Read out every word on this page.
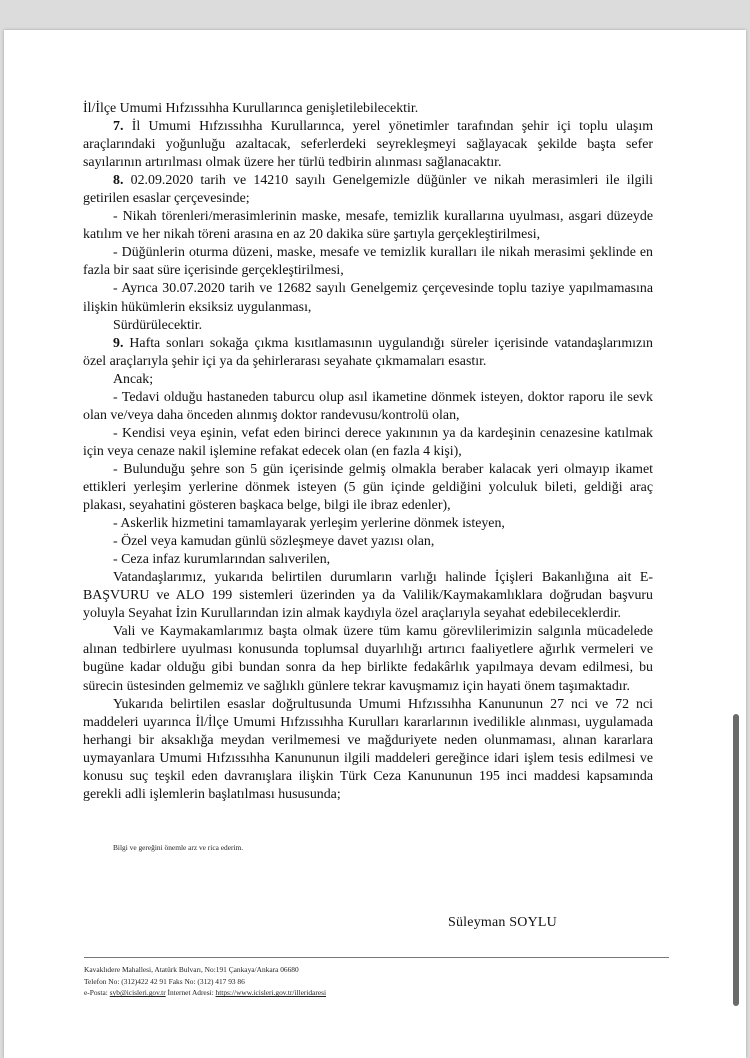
İl/İlçe Umumi Hıfzıssıhha Kurullarınca genişletilebilecektir.

7. İl Umumi Hıfzıssıhha Kurullarınca, yerel yönetimler tarafından şehir içi toplu ulaşım araçlarındaki yoğunluğu azaltacak, seferlerdeki seyrekleşmeyi sağlayacak şekilde başta sefer sayılarının artırılması olmak üzere her türlü tedbirin alınması sağlanacaktır.

8. 02.09.2020 tarih ve 14210 sayılı Genelgemizle düğünler ve nikah merasimleri ile ilgili getirilen esaslar çerçevesinde;

- Nikah törenleri/merasimlerinin maske, mesafe, temizlik kurallarına uyulması, asgari düzeyde katılım ve her nikah töreni arasına en az 20 dakika süre şartıyla gerçekleştirilmesi,

- Düğünlerin oturma düzeni, maske, mesafe ve temizlik kuralları ile nikah merasimi şeklinde en fazla bir saat süre içerisinde gerçekleştirilmesi,

- Ayrıca 30.07.2020 tarih ve 12682 sayılı Genelgemiz çerçevesinde toplu taziye yapılmamasına ilişkin hükümlerin eksiksiz uygulanması,

Sürdürülecektir.

9. Hafta sonları sokağa çıkma kısıtlamasının uygulandığı süreler içerisinde vatandaşlarımızın özel araçlarıyla şehir içi ya da şehirlerarası seyahate çıkmamaları esastır.

Ancak;

- Tedavi olduğu hastaneden taburcu olup asıl ikametine dönmek isteyen, doktor raporu ile sevk olan ve/veya daha önceden alınmış doktor randevusu/kontrolü olan,

- Kendisi veya eşinin, vefat eden birinci derece yakınının ya da kardeşinin cenazesine katılmak için veya cenaze nakil işlemine refakat edecek olan (en fazla 4 kişi),

- Bulunduğu şehre son 5 gün içerisinde gelmiş olmakla beraber kalacak yeri olmayıp ikamet ettikleri yerleşim yerlerine dönmek isteyen (5 gün içinde geldiğini yolculuk bileti, geldiği araç plakası, seyahatini gösteren başkaca belge, bilgi ile ibraz edenler),

- Askerlik hizmetini tamamlayarak yerleşim yerlerine dönmek isteyen,

- Özel veya kamudan günlü sözleşmeye davet yazısı olan,

- Ceza infaz kurumlarından salıverilen,

Vatandaşlarımız, yukarıda belirtilen durumların varlığı halinde İçişleri Bakanlığına ait E-BAŞVURU ve ALO 199 sistemleri üzerinden ya da Valilik/Kaymakamlıklara doğrudan başvuru yoluyla Seyahat İzin Kurullarından izin almak kaydıyla özel araçlarıyla seyahat edebileceklerdir.

Vali ve Kaymakamlarımız başta olmak üzere tüm kamu görevlilerimizin salgınla mücadelede alınan tedbirlere uyulması konusunda toplumsal duyarlılığı artırıcı faaliyetlere ağırlık vermeleri ve bugüne kadar olduğu gibi bundan sonra da hep birlikte fedakârlık yapılmaya devam edilmesi, bu sürecin üstesinden gelmemiz ve sağlıklı günlere tekrar kavuşmamız için hayati önem taşımaktadır.

Yukarıda belirtilen esaslar doğrultusunda Umumi Hıfzıssıhha Kanununun 27 nci ve 72 nci maddeleri uyarınca İl/İlçe Umumi Hıfzıssıhha Kurulları kararlarının ivedilikle alınması, uygulamada herhangi bir aksaklığa meydan verilmemesi ve mağduriyete neden olunmaması, alınan kararlara uymayanlara Umumi Hıfzıssıhha Kanununun ilgili maddeleri gereğince idari işlem tesis edilmesi ve konusu suç teşkil eden davranışlara ilişkin Türk Ceza Kanununun 195 inci maddesi kapsamında gerekli adli işlemlerin başlatılması hususunda;

Bilgi ve gereğini önemle arz ve rica ederim.
Süleyman SOYLU
Kavaklıdere Mahallesi, Atatürk Bulvarı, No:191 Çankaya/Ankara 06680
Telefon No: (312)422 42 91 Faks No: (312) 417 93 86
e-Posta: syb@icisleri.gov.tr İnternet Adresi: https://www.icisleri.gov.tr/illeridaresi
